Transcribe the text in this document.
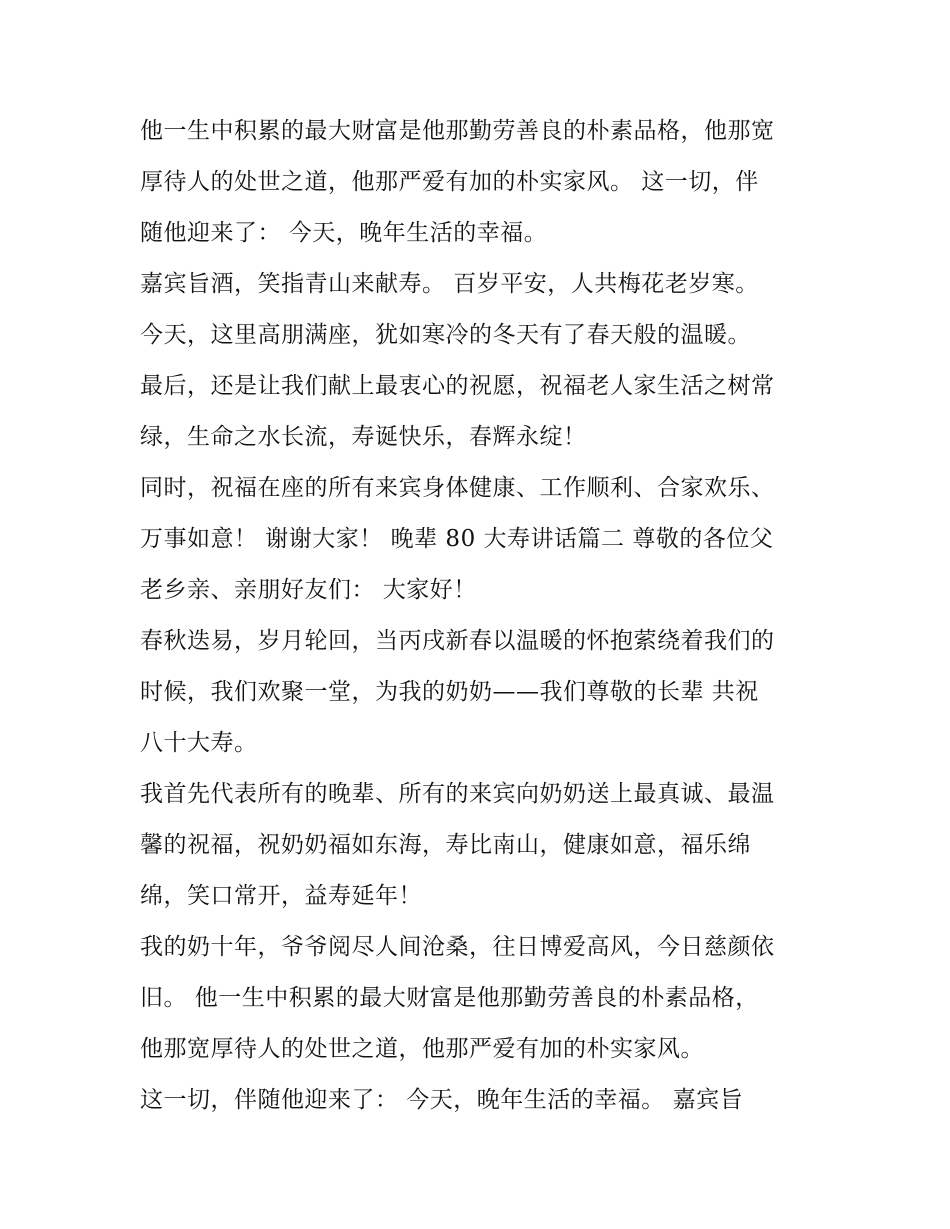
他一生中积累的最大财富是他那勤劳善良的朴素品格，他那宽

厚待人的处世之道，他那严爱有加的朴实家风。 这一切，伴

随他迎来了： 今天，晚年生活的幸福。

嘉宾旨酒，笑指青山来献寿。 百岁平安，人共梅花老岁寒。

今天，这里高朋满座，犹如寒冷的冬天有了春天般的温暖。

最后，还是让我们献上最衷心的祝愿，祝福老人家生活之树常

绿，生命之水长流，寿诞快乐，春辉永绽！

同时，祝福在座的所有来宾身体健康、工作顺利、合家欢乐、

万事如意！ 谢谢大家！ 晚辈 80 大寿讲话篇二 尊敬的各位父

老乡亲、亲朋好友们： 大家好！

春秋迭易，岁月轮回，当丙戌新春以温暖的怀抱萦绕着我们的

时候，我们欢聚一堂，为我的奶奶——我们尊敬的长辈 共祝

八十大寿。

我首先代表所有的晚辈、所有的来宾向奶奶送上最真诚、最温

馨的祝福，祝奶奶福如东海，寿比南山，健康如意，福乐绵

绵，笑口常开，益寿延年！

我的奶十年，爷爷阅尽人间沧桑，往日博爱高风，今日慈颜依

旧。 他一生中积累的最大财富是他那勤劳善良的朴素品格，

他那宽厚待人的处世之道，他那严爱有加的朴实家风。

这一切，伴随他迎来了： 今天，晚年生活的幸福。 嘉宾旨
